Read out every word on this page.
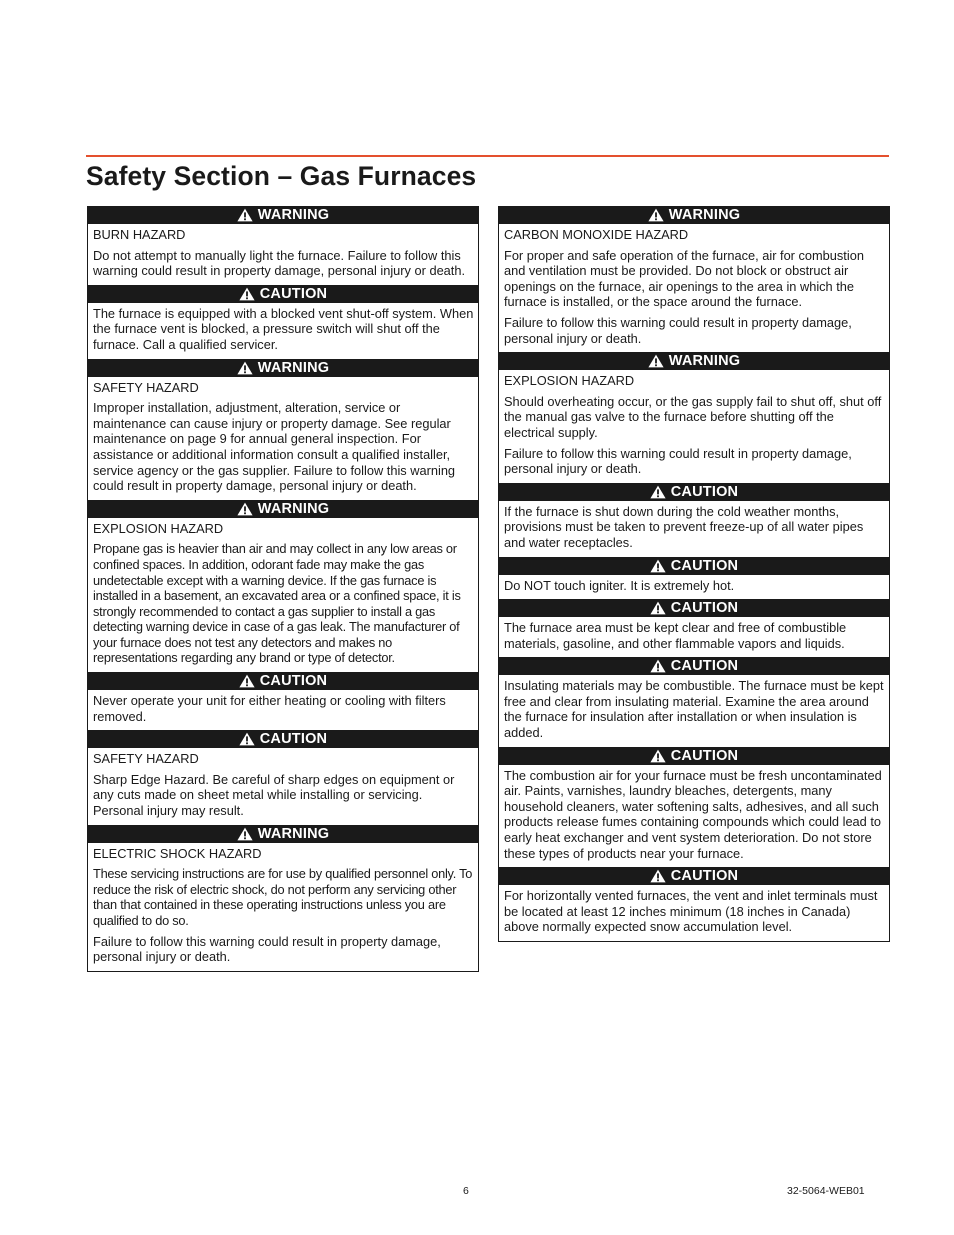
Safety Section – Gas Furnaces
WARNING

BURN HAZARD

Do not attempt to manually light the furnace. Failure to follow this warning could result in property damage, personal injury or death.

CAUTION

The furnace is equipped with a blocked vent shut-off system. When the furnace vent is blocked, a pressure switch will shut off the furnace. Call a qualified servicer.

WARNING

SAFETY HAZARD

Improper installation, adjustment, alteration, service or maintenance can cause injury or property damage. See regular maintenance on page 9 for annual general inspection. For assistance or additional information consult a qualified installer, service agency or the gas supplier. Failure to follow this warning could result in property damage, personal injury or death.

WARNING

EXPLOSION HAZARD

Propane gas is heavier than air and may collect in any low areas or confined spaces. In addition, odorant fade may make the gas undetectable except with a warning device. If the gas furnace is installed in a basement, an excavated area or a confined space, it is strongly recommended to contact a gas supplier to install a gas detecting warning device in case of a gas leak. The manufacturer of your furnace does not test any detectors and makes no representations regarding any brand or type of detector.

CAUTION

Never operate your unit for either heating or cooling with filters removed.

CAUTION

SAFETY HAZARD

Sharp Edge Hazard. Be careful of sharp edges on equipment or any cuts made on sheet metal while installing or servicing. Personal injury may result.

WARNING

ELECTRIC SHOCK HAZARD

These servicing instructions are for use by qualified personnel only. To reduce the risk of electric shock, do not perform any servicing other than that contained in these operating instructions unless you are qualified to do so.

Failure to follow this warning could result in property damage, personal injury or death.

WARNING

CARBON MONOXIDE HAZARD

For proper and safe operation of the furnace, air for combustion and ventilation must be provided. Do not block or obstruct air openings on the furnace, air openings to the area in which the furnace is installed, or the space around the furnace.

Failure to follow this warning could result in property damage, personal injury or death.

WARNING

EXPLOSION HAZARD

Should overheating occur, or the gas supply fail to shut off, shut off the manual gas valve to the furnace before shutting off the electrical supply.

Failure to follow this warning could result in property damage, personal injury or death.

CAUTION

If the furnace is shut down during the cold weather months, provisions must be taken to prevent freeze-up of all water pipes and water receptacles.

CAUTION

Do NOT touch igniter. It is extremely hot.

CAUTION

The furnace area must be kept clear and free of combustible materials, gasoline, and other flammable vapors and liquids.

CAUTION

Insulating materials may be combustible. The furnace must be kept free and clear from insulating material. Examine the area around the furnace for insulation after installation or when insulation is added.

CAUTION

The combustion air for your furnace must be fresh uncontaminated air. Paints, varnishes, laundry bleaches, detergents, many household cleaners, water softening salts, adhesives, and all such products release fumes containing compounds which could lead to early heat exchanger and vent system deterioration. Do not store these types of products near your furnace.

CAUTION

For horizontally vented furnaces, the vent and inlet terminals must be located at least 12 inches minimum (18 inches in Canada) above normally expected snow accumulation level.

6	32-5064-WEB01
